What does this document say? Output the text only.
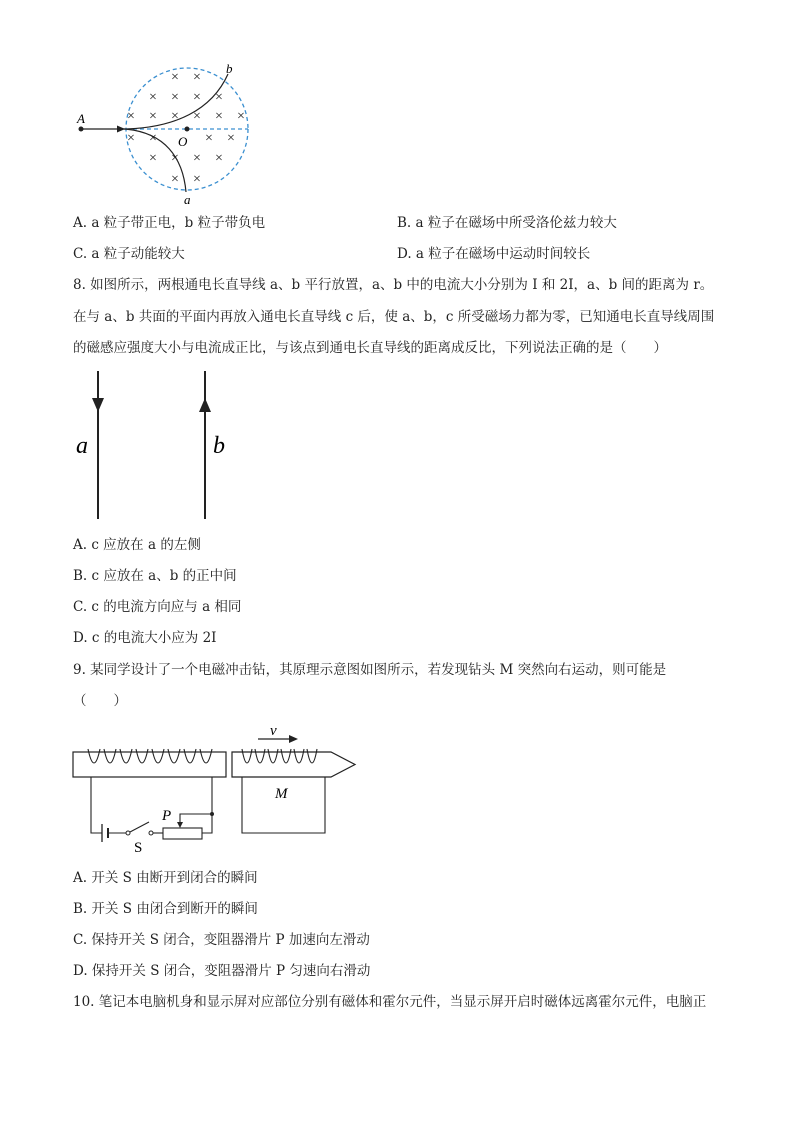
× ×
× × × ×
× × × × × ×
× ×	× ×
× × × ×
× ×
A
b
O
a
A. a 粒子带正电，b 粒子带负电	B. a 粒子在磁场中所受洛伦兹力较大
C. a 粒子动能较大	D. a 粒子在磁场中运动时间较长
8. 如图所示，两根通电长直导线 a、b 平行放置，a、b 中的电流大小分别为 I 和 2I，a、b 间的距离为 r。
在与 a、b 共面的平面内再放入通电长直导线 c 后，使 a、b，c 所受磁场力都为零，已知通电长直导线周围
的磁感应强度大小与电流成正比，与该点到通电长直导线的距离成反比，下列说法正确的是（　　）
a	b
A. c 应放在 a 的左侧
B. c 应放在 a、b 的正中间
C. c 的电流方向应与 a 相同
D. c 的电流大小应为 2I
9. 某同学设计了一个电磁冲击钻，其原理示意图如图所示，若发现钻头 M 突然向右运动，则可能是
（　　）
v
M
P
S
A. 开关 S 由断开到闭合的瞬间
B. 开关 S 由闭合到断开的瞬间
C. 保持开关 S 闭合，变阻器滑片 P 加速向左滑动
D. 保持开关 S 闭合，变阻器滑片 P 匀速向右滑动
10. 笔记本电脑机身和显示屏对应部位分别有磁体和霍尔元件，当显示屏开启时磁体远离霍尔元件，电脑正
